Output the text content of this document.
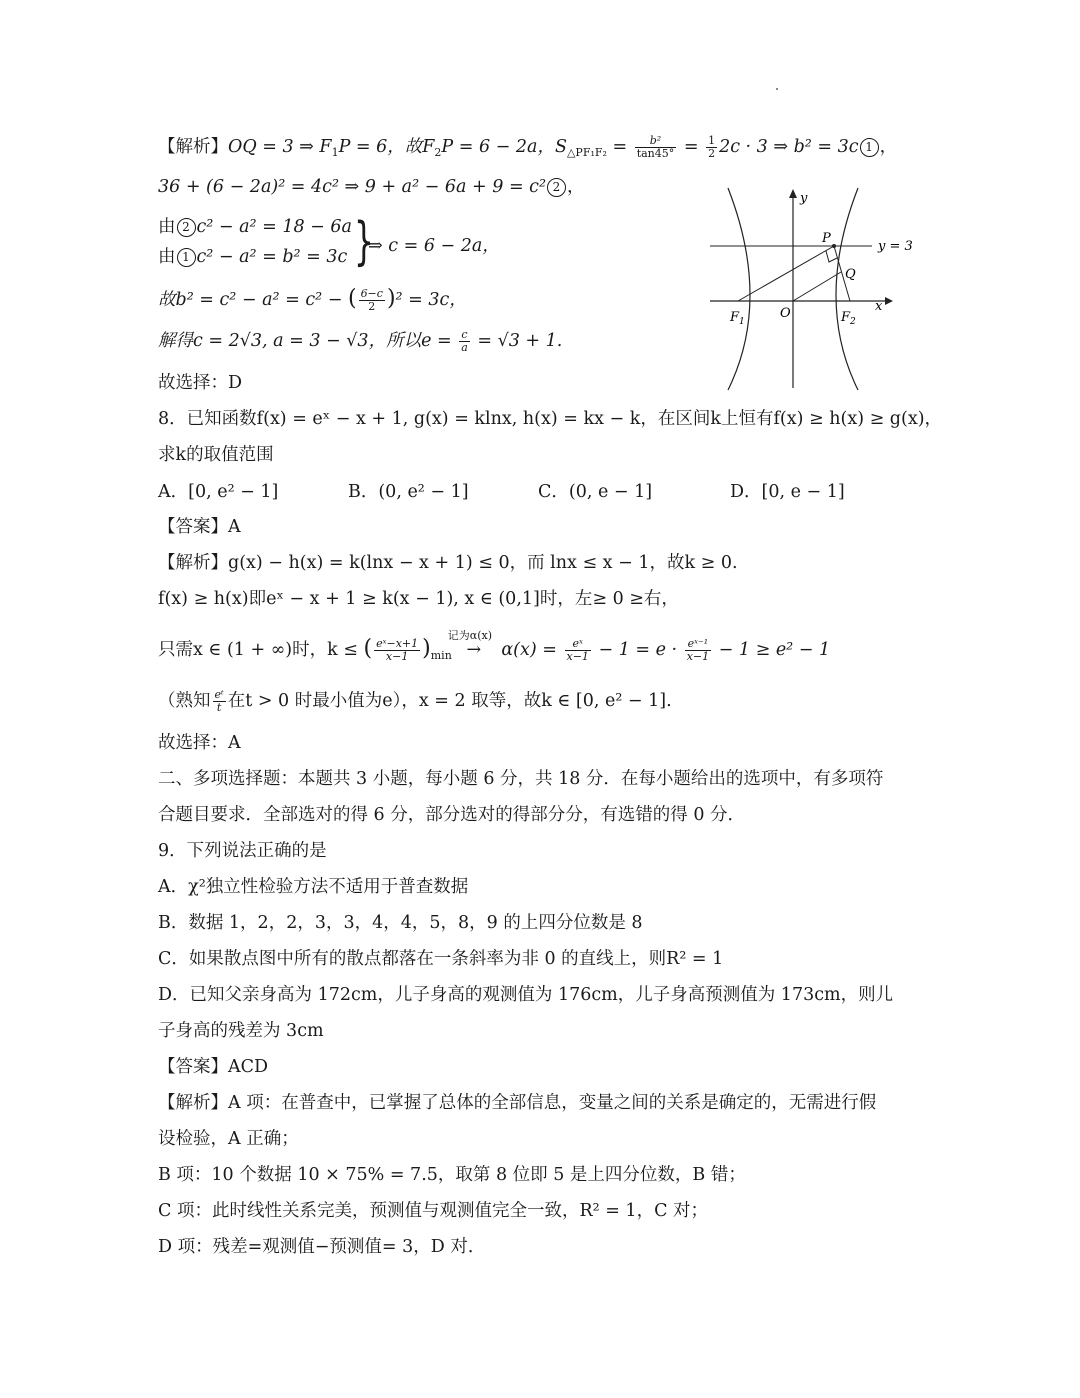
【解析】OQ = 3 ⇒ $F_1P = 6$，故$F_2P = 6 - 2a$，$S_{\triangle PF_1F_2} = \frac{\text{b²}}{\tan 45^\circ} = \frac{1}{2} 2c \cdot 3$ ⇒ b² = 3c 1 ，
36 + (6 − 2a)² = 4c² ⇒ 9 + a² − 6a + 9 = c² 2 ，
由 2 c² − a² = 18 − 6a
由 1 c² − a² = b² = 3c }
⇒ c = 6 − 2a，
故b² = c² − a² = c² − ( $\frac{6-c}{2} )^2 = 3c$，
解得c = 2√3, a = 3 − √3，所以$e = \frac{c}{a} = √3 + 1$.
故选择：D
y
x
y = 3
P
Q
$F_1$
O	$F_2$
8．已知函数f(x) = eˣ − x + 1, g(x) = klnx, h(x) = kx − k，在区间k上恒有f(x) ≥ h(x) ≥ g(x)，
求k的取值范围
A．[0, e² − 1]	B．(0, e² − 1]	C．(0, e − 1]	D．[0, e − 1]
【答案】A
【解析】g(x) − h(x) = k(lnx − x + 1) ≤ 0，而 lnx ≤ x − 1，故k ≥ 0.
f(x) ≥ h(x)即eˣ − x + 1 ≥ k(x − 1), x ∈ (0,1]时，左≥ 0 ≥右，
只需x ∈ (1 + ∞)时，k ≤ ( $\frac{\text{eˣ−x+1}}{x-1} )_{min}$
记为α(x)
→ $\alpha(x) = \frac{\text{eˣ}}{x-1} - 1 = e \cdot \frac{\text{eˣ⁻¹}}{x-1} - 1 \ge e^2 - 1$
（熟知 $\frac{\text{eᵗ}}{t}$ 在t > 0 时最小值为e），x = 2 取等，故k ∈ [0, e² − 1].
故选择：A
二、多项选择题：本题共 3 小题，每小题 6 分，共 18 分．在每小题给出的选项中，有多项符
合题目要求．全部选对的得 6 分，部分选对的得部分分，有选错的得 0 分．
9．下列说法正确的是
A．χ²独立性检验方法不适用于普查数据
B．数据 1，2，2，3，3，4，4，5，8，9 的上四分位数是 8
C．如果散点图中所有的散点都落在一条斜率为非 0 的直线上，则R² = 1
D．已知父亲身高为 172cm，儿子身高的观测值为 176cm，儿子身高预测值为 173cm，则儿
子身高的残差为 3cm
【答案】ACD
【解析】A 项：在普查中，已掌握了总体的全部信息，变量之间的关系是确定的，无需进行假
设检验，A 正确；
B 项：10 个数据 10 × 75% = 7.5，取第 8 位即 5 是上四分位数，B 错；
C 项：此时线性关系完美，预测值与观测值完全一致，R² = 1，C 对；
D 项：残差=观测值−预测值= 3，D 对．
